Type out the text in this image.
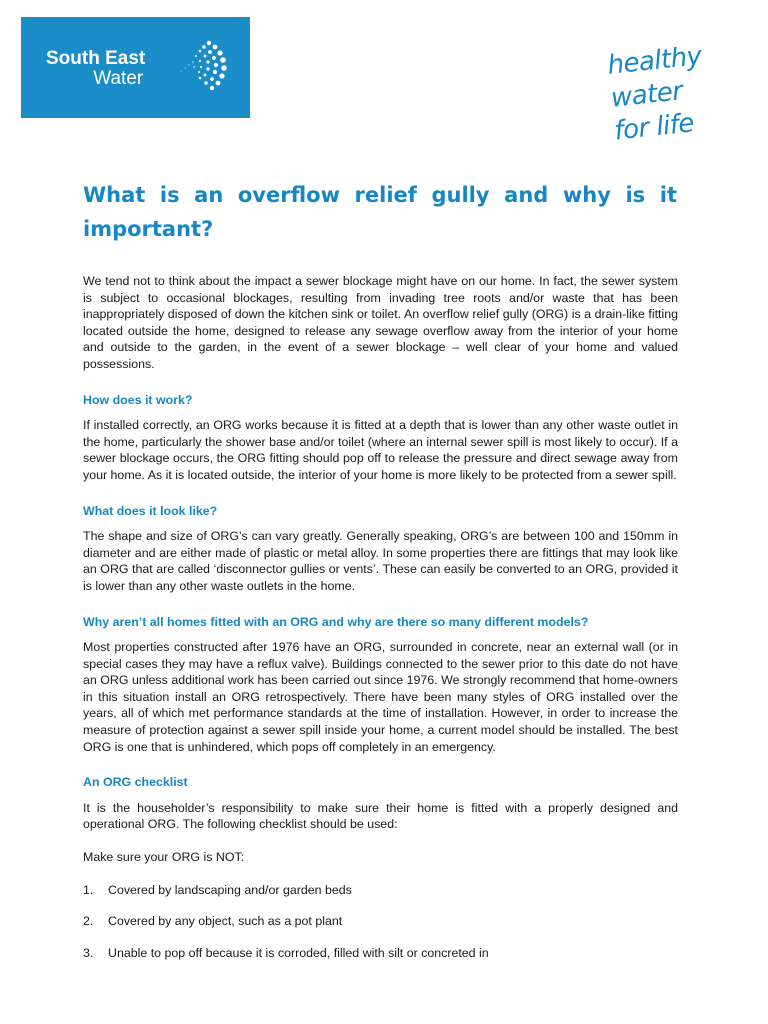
South East
Water	healthy
water
for life
What is an overflow relief gully and why is it important?

We tend not to think about the impact a sewer blockage might have on our home. In fact, the sewer system is subject to occasional blockages, resulting from invading tree roots and/or waste that has been inappropriately disposed of down the kitchen sink or toilet. An overflow relief gully (ORG) is a drain-like fitting located outside the home, designed to release any sewage overflow away from the interior of your home and outside to the garden, in the event of a sewer blockage – well clear of your home and valued possessions.

How does it work?

If installed correctly, an ORG works because it is fitted at a depth that is lower than any other waste outlet in the home, particularly the shower base and/or toilet (where an internal sewer spill is most likely to occur). If a sewer blockage occurs, the ORG fitting should pop off to release the pressure and direct sewage away from your home. As it is located outside, the interior of your home is more likely to be protected from a sewer spill.

What does it look like?

The shape and size of ORG’s can vary greatly. Generally speaking, ORG’s are between 100 and 150mm in diameter and are either made of plastic or metal alloy. In some properties there are fittings that may look like an ORG that are called ‘disconnector gullies or vents’. These can easily be converted to an ORG, provided it is lower than any other waste outlets in the home.

Why aren’t all homes fitted with an ORG and why are there so many different models?

Most properties constructed after 1976 have an ORG, surrounded in concrete, near an external wall (or in special cases they may have a reflux valve). Buildings connected to the sewer prior to this date do not have an ORG unless additional work has been carried out since 1976. We strongly recommend that home-owners in this situation install an ORG retrospectively. There have been many styles of ORG installed over the years, all of which met performance standards at the time of installation. However, in order to increase the measure of protection against a sewer spill inside your home, a current model should be installed. The best ORG is one that is unhindered, which pops off completely in an emergency.

An ORG checklist

It is the householder’s responsibility to make sure their home is fitted with a properly designed and operational ORG. The following checklist should be used:

Make sure your ORG is NOT:

1.	Covered by landscaping and/or garden beds
2.	Covered by any object, such as a pot plant
3.	Unable to pop off because it is corroded, filled with silt or concreted in
